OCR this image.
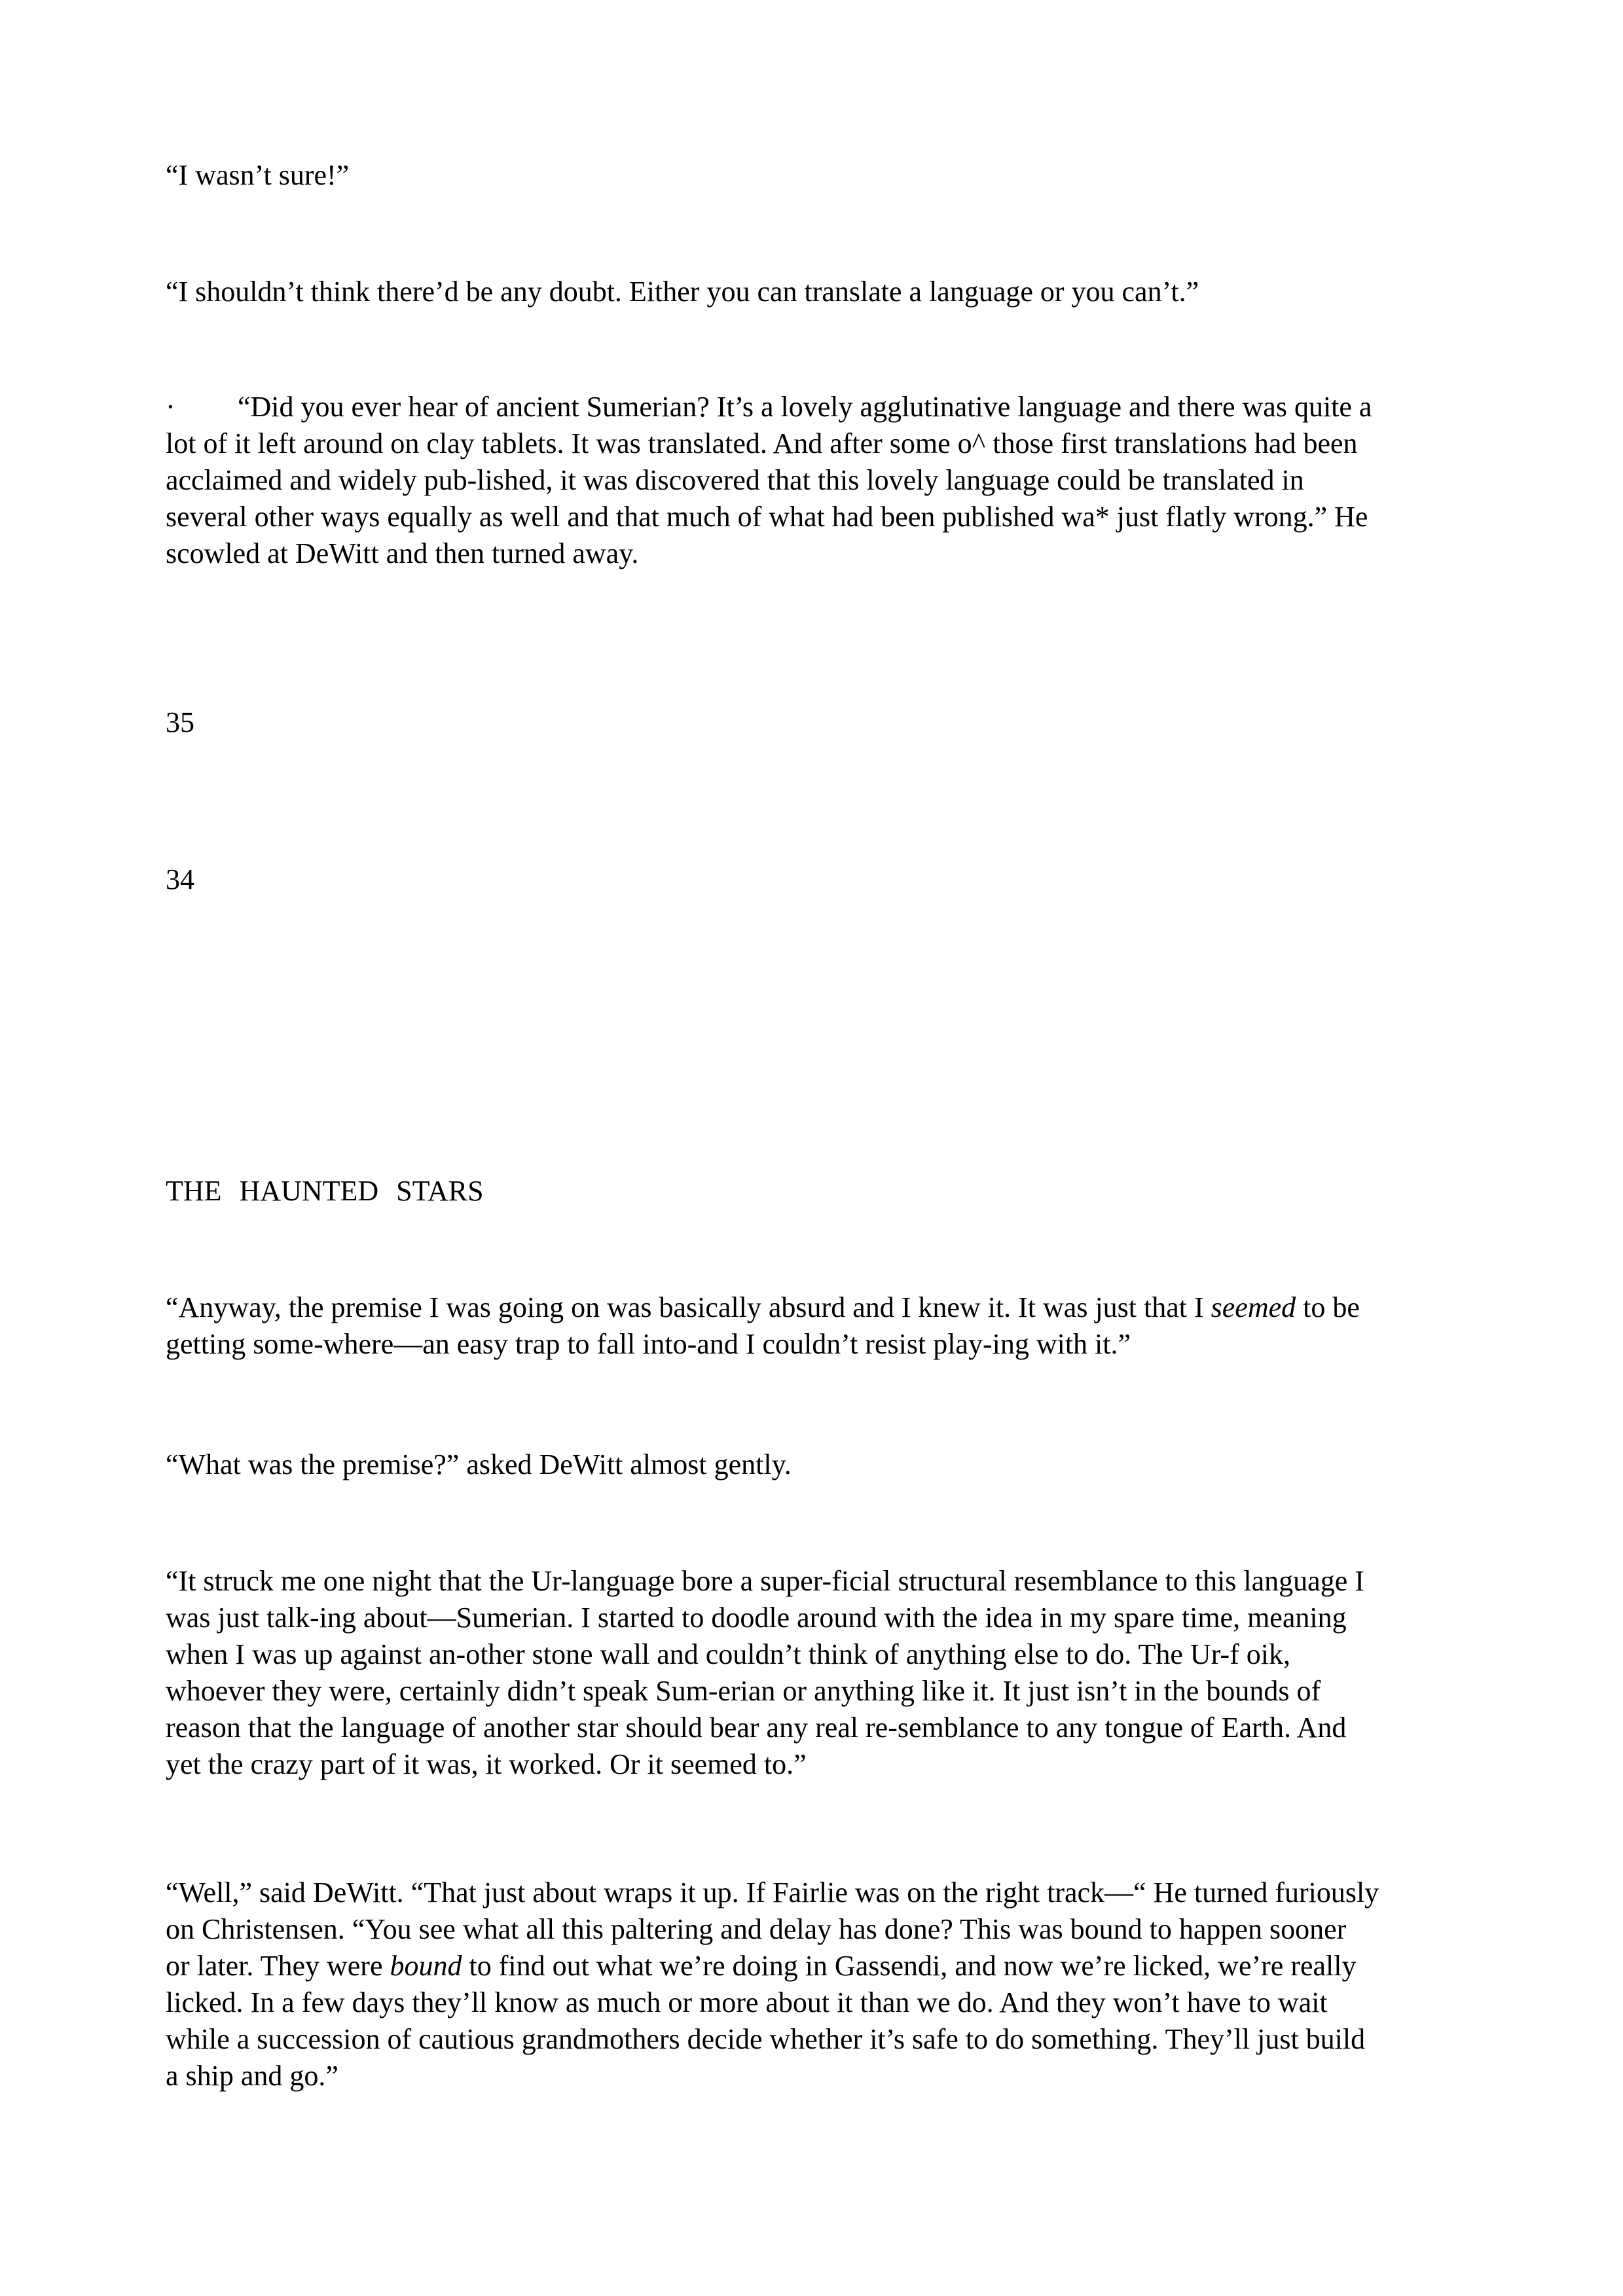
“I wasn’t sure!”

“I shouldn’t think there’d be any doubt. Either you can translate a language or you can’t.”

· “Did you ever hear of ancient Sumerian? It’s a lovely agglutinative language and there was quite a
lot of it left around on clay tablets. It was translated. And after some o^ those first translations had been
acclaimed and widely pub-lished, it was discovered that this lovely language could be translated in
several other ways equally as well and that much of what had been published wa* just flatly wrong.” He
scowled at DeWitt and then turned away.

35

34

THE HAUNTED STARS

“Anyway, the premise I was going on was basically absurd and I knew it. It was just that I seemed to be
getting some-where—an easy trap to fall into-and I couldn’t resist play-ing with it.”

“What was the premise?” asked DeWitt almost gently.

“It struck me one night that the Ur-language bore a super-ficial structural resemblance to this language I
was just talk-ing about—Sumerian. I started to doodle around with the idea in my spare time, meaning
when I was up against an-other stone wall and couldn’t think of anything else to do. The Ur-f oik,
whoever they were, certainly didn’t speak Sum-erian or anything like it. It just isn’t in the bounds of
reason that the language of another star should bear any real re-semblance to any tongue of Earth. And
yet the crazy part of it was, it worked. Or it seemed to.”
“Well,” said DeWitt. “That just about wraps it up. If Fairlie was on the right track—“ He turned furiously
on Christensen. “You see what all this paltering and delay has done? This was bound to happen sooner
or later. They were bound to find out what we’re doing in Gassendi, and now we’re licked, we’re really
licked. In a few days they’ll know as much or more about it than we do. And they won’t have to wait
while a succession of cautious grandmothers decide whether it’s safe to do something. They’ll just build
a ship and go.”
